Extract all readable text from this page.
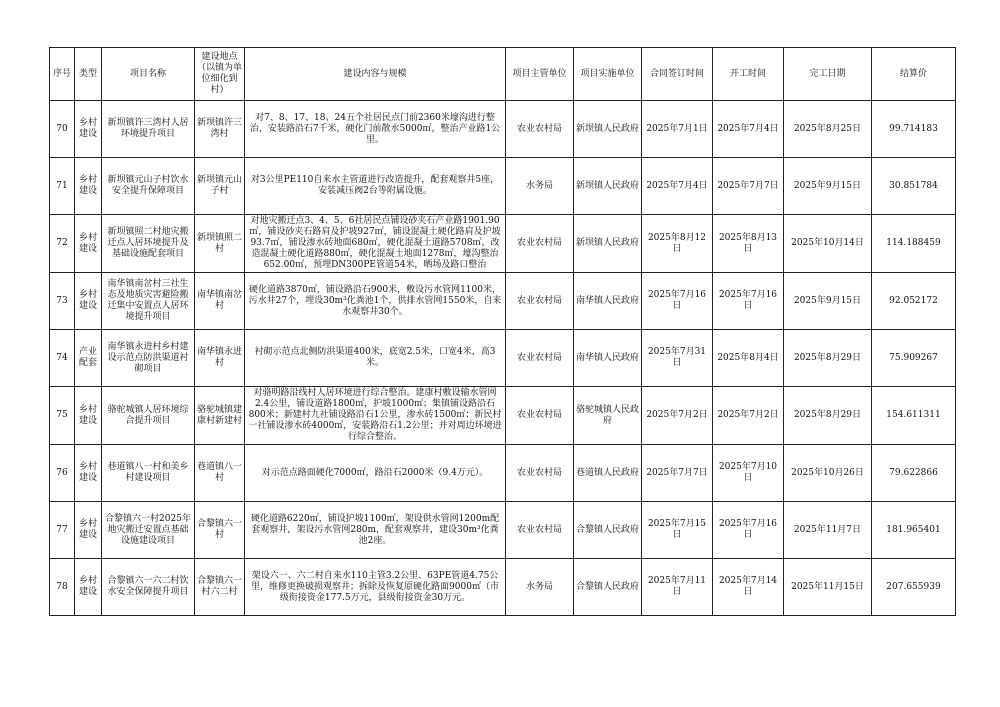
序号	类型	项目名称	建设地点（以镇为单位细化到村）	建设内容与规模	项目主管单位	项目实施单位	合同签订时间	开工时间	完工日期	结算价
70	乡村建设	新坝镇许三湾村人居环境提升项目	新坝镇许三湾村	对7、8、17、18、24五个社居民点门前2360米壕沟进行整治，安装路沿石7千米，硬化门前散水5000㎡，整治产业路1公里。	农业农村局	新坝镇人民政府	2025年7月1日	2025年7月4日	2025年8月25日	99.714183
71	乡村建设	新坝镇元山子村饮水安全提升保障项目	新坝镇元山子村	对3公里PE110自来水主管道进行改造提升，配套观察井5座，安装减压阀2台等附属设施。	水务局	新坝镇人民政府	2025年7月4日	2025年7月7日	2025年9月15日	30.851784
72	乡村建设	新坝镇照二村地灾搬迁点人居环境提升及基础设施配套项目	新坝镇照二村	对地灾搬迁点3、4、5、6社居民点铺设砂夹石产业路1901.90㎡，铺设砂夹石路肩及护坡927㎡，铺设混凝土硬化路肩及护坡93.7㎡，铺设渗水砖地面680㎡，硬化混凝土道路5708㎡，改造混凝土硬化道路880㎡，硬化混凝土地面1278㎡，壕沟整治652.00㎡，预埋DN300PE管道54米，晒场及路口整治	农业农村局	新坝镇人民政府	2025年8月12日	2025年8月13日	2025年10月14日	114.188459
73	乡村建设	南华镇南岔村三社生态及地质灾害避险搬迁集中安置点人居环境提升项目	南华镇南岔村	硬化道路3870㎡，铺设路沿石900米，敷设污水管网1100米，污水井27个，埋设30m³化粪池1个，供排水管网1550米，自来水观察井30个。	农业农村局	南华镇人民政府	2025年7月16日	2025年7月16日	2025年9月15日	92.052172
74	产业配套	南华镇永进村乡村建设示范点防洪渠道衬砌项目	南华镇永进村	衬砌示范点北侧防洪渠道400米，底宽2.5米，口宽4米，高3米。	农业农村局	南华镇人民政府	2025年7月31日	2025年8月4日	2025年8月29日	75.909267
75	乡村建设	骆驼城镇人居环境综合提升项目	骆驼城镇建康村新建村	对骆明路沿线村人居环境进行综合整治。建康村敷设输水管网2.4公里，铺设道路1800㎡，护坡1000㎡；集镇铺设路沿石800米；新建村九社铺设路沿石1公里，渗水砖1500㎡；新民村一社铺设渗水砖4000㎡，安装路沿石1.2公里；并对周边环境进行综合整治。	农业农村局	骆驼城镇人民政府	2025年7月2日	2025年7月2日	2025年8月29日	154.611311
76	乡村建设	巷道镇八一村和美乡村建设项目	巷道镇八一村	对示范点路面硬化7000㎡，路沿石2000米（9.4万元）。	农业农村局	巷道镇人民政府	2025年7月7日	2025年7月10日	2025年10月26日	79.622866
77	乡村建设	合黎镇六一村2025年地灾搬迁安置点基础设施建设项目	合黎镇六一村	硬化道路6220㎡，铺设护坡1100㎡，架设供水管网1200m配套观察井，架设污水管网280m，配套观察井，建设30m³化粪池2座。	农业农村局	合黎镇人民政府	2025年7月15日	2025年7月16日	2025年11月7日	181.965401
78	乡村建设	合黎镇六一六二村饮水安全保障提升项目	合黎镇六一村六二村	架设六一、六二村自来水110主管3.2公里、63PE管道4.75公里，维修更换破损观察井；拆除及恢复原硬化路面9000㎡（市级衔接资金177.5万元，县级衔接资金30万元。	水务局	合黎镇人民政府	2025年7月11日	2025年7月14日	2025年11月15日	207.655939
